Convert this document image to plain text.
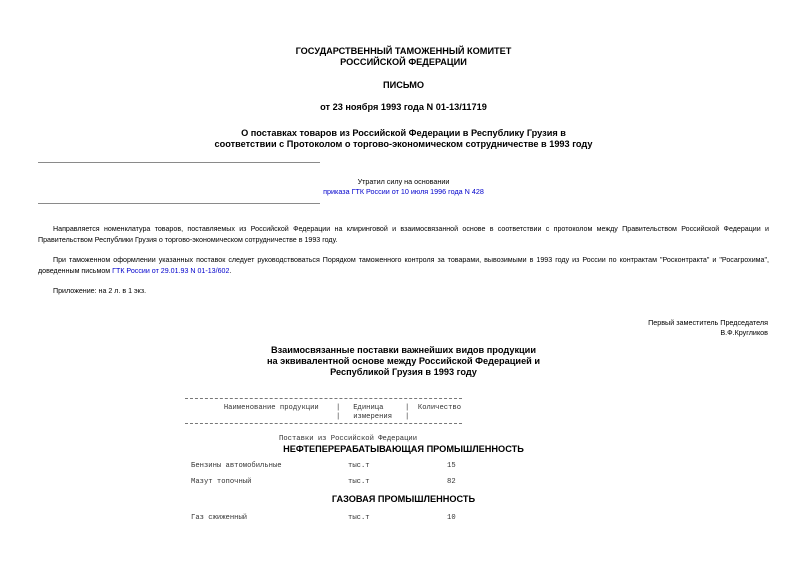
ГОСУДАРСТВЕННЫЙ ТАМОЖЕННЫЙ КОМИТЕТ
РОССИЙСКОЙ ФЕДЕРАЦИИ
ПИСЬМО
от 23 ноября 1993 года N 01-13/11719
О поставках товаров из Российской Федерации в Республику Грузия в
соответствии с Протоколом о торгово-экономическом сотрудничестве в 1993 году
Утратил силу на основании
приказа ГТК России от 10 июля 1996 года N 428
Направляется номенклатура товаров, поставляемых из Российской Федерации на клиринговой и взаимосвязанной основе в соответствии с протоколом между Правительством Российской Федерации и Правительством Республики Грузия о торгово-экономическом сотрудничестве в 1993 году.
При таможенном оформлении указанных поставок следует руководствоваться Порядком таможенного контроля за товарами, вывозимыми в 1993 году из России по контрактам "Росконтракта" и "Росагрохима", доведенным письмом ГТК России от 29.01.93 N 01-13/602.
Приложение: на 2 л. в 1 экз.
Первый заместитель Председателя
В.Ф.Кругликов
Взаимосвязанные поставки важнейших видов продукции
на эквивалентной основе между Российской Федерацией и
Республикой Грузия в 1993 году
Наименование продукции    |   Единица     |  Количество
|   измерения   |
Поставки из Российской Федерации
НЕФТЕПЕРЕРАБАТЫВАЮЩАЯ ПРОМЫШЛЕННОСТЬ
Бензины автомобильные	тыс.т	15
Мазут топочный	тыс.т	82
ГАЗОВАЯ ПРОМЫШЛЕННОСТЬ
Газ сжиженный	тыс.т	10
